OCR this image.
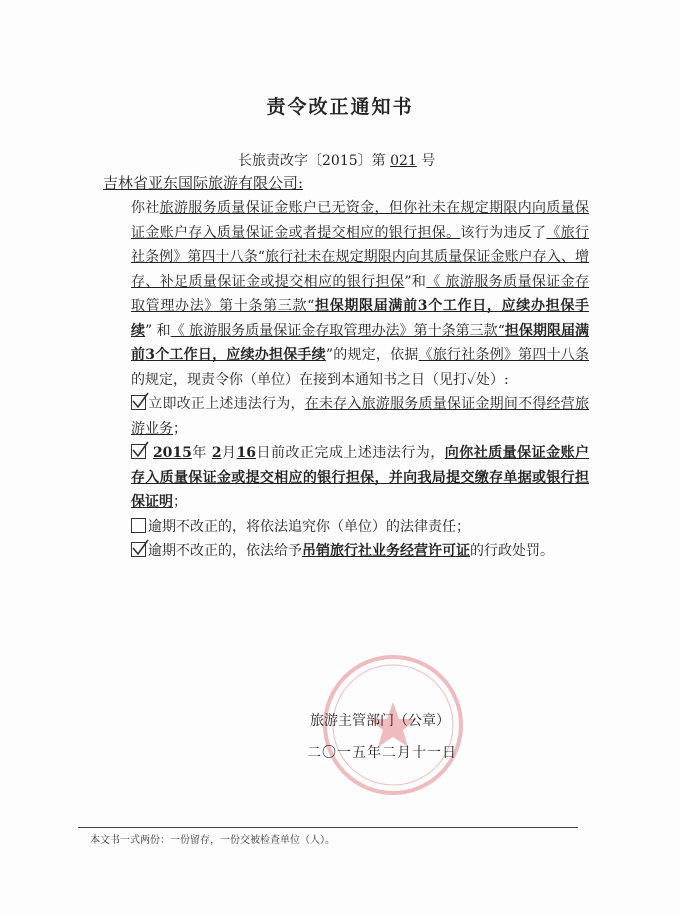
责令改正通知书
长旅责改字〔2015〕第 021 号
吉林省亚东国际旅游有限公司:

你社旅游服务质量保证金账户已无资金，但你社未在规定期限内向质量保证金账户存入质量保证金或者提交相应的银行担保。该行为违反了《旅行社条例》第四十八条“旅行社未在规定期限内向其质量保证金账户存入、增存、补足质量保证金或提交相应的银行担保”和《 旅游服务质量保证金存取管理办法》第十条第三款“担保期限届满前3个工作日，应续办担保手续” 和《 旅游服务质量保证金存取管理办法》第十条第三款“担保期限届满前3个工作日，应续办担保手续”的规定，依据《旅行社条例》第四十八条的规定，现责令你（单位）在接到本通知书之日（见打✓处）:

立即改正上述违法行为，在未存入旅游服务质量保证金期间不得经营旅游业务；

2015年 2月16日前改正完成上述违法行为，向你社质量保证金账户存入质量保证金或提交相应的银行担保，并向我局提交缴存单据或银行担保证明；

逾期不改正的，将依法追究你（单位）的法律责任；

逾期不改正的，依法给予吊销旅行社业务经营许可证的行政处罚。

旅游主管部门（公章）
二〇一五年二月十一日
本文书一式两份：一份留存，一份交被检查单位（人）。
